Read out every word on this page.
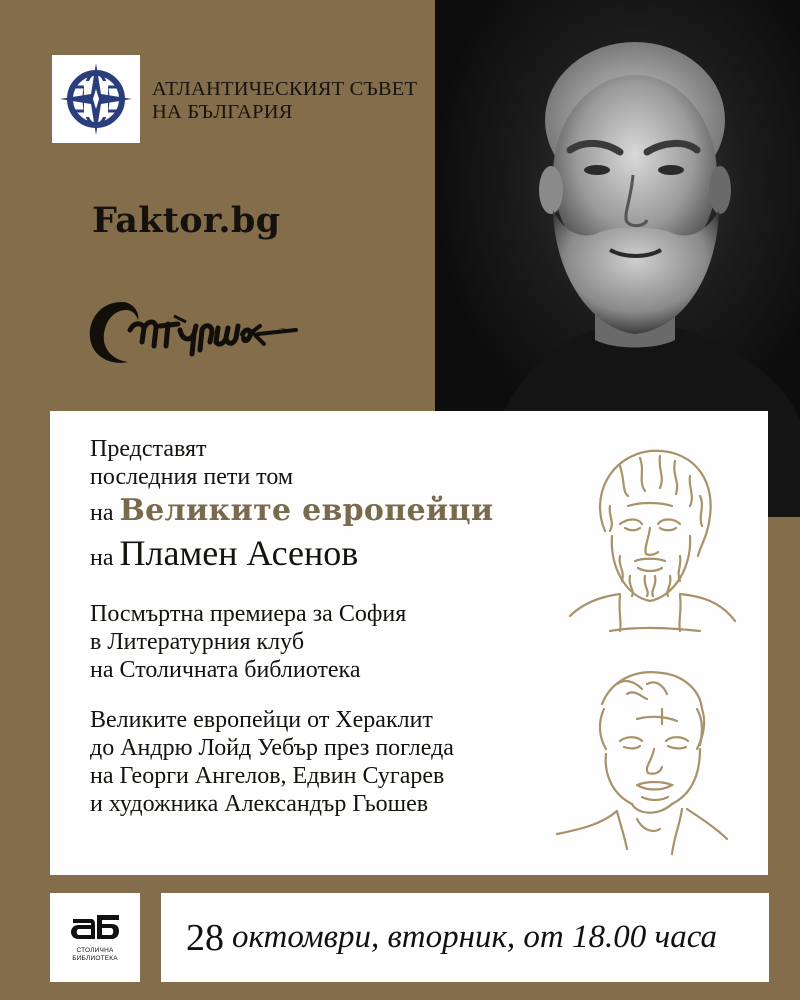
АТЛАНТИЧЕСКИЯТ СЪВЕТ
НА БЪЛГАРИЯ
Faktor.bg
Представят
последния пети том
на Великите европейци
на Пламен Асенов
Посмъртна премиера за София
в Литературния клуб
на Столичната библиотека
Великите европейци от Хераклит
до Андрю Лойд Уебър през погледа
на Георги Ангелов, Едвин Сугарев
и художника Александър Гьошев
СТОЛИЧНА
БИБЛИОТЕКА 28 октомври, вторник, от 18.00 часа
